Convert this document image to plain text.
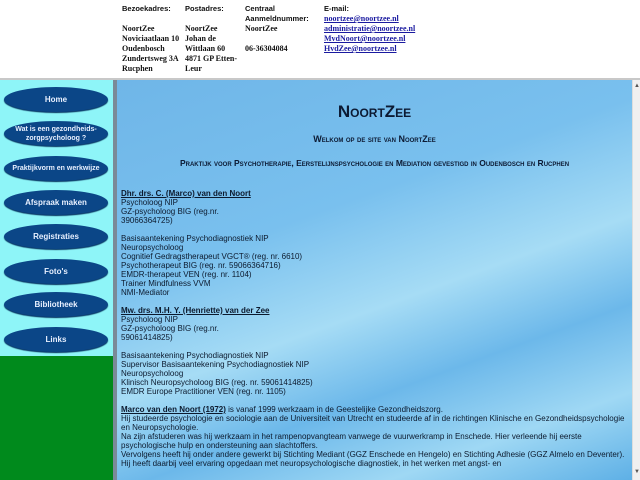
Bezoekadres:
NoortZee
Noviciaatlaan 10
Oudenbosch
Zundertsweg 3A
Rucphen
Postadres:
NoortZee
Johan de
Wittlaan 60
4871 GP Etten-
Leur
Centraal
Aanmeldnummer:
NoortZee
06-36304084
E-mail:
noortzee@noortzee.nl
administratie@noortzee.nl
MvdNoort@noortzee.nl
HvdZee@noortzee.nl
Home
Wat is een gezondheids-zorgpsycholoog ?
Praktijkvorm en werkwijze
Afspraak maken
Registraties
Foto's
Bibliotheek
Links
NoortZee
Welkom op de site van NoortZee
Praktijk voor Psychotherapie, Eerstelijnspsychologie en Mediation gevestigd in Oudenbosch en Rucphen

Dhr. drs. C. (Marco) van den Noort
Psycholoog NIP
GZ-psycholoog BIG (reg.nr.
39066364725)

Basisaantekening Psychodiagnostiek NIP
Neuropsycholoog
Cognitief Gedragstherapeut VGCT® (reg. nr. 6610)
Psychotherapeut BIG (reg. nr. 59066364716)
EMDR-therapeut VEN (reg. nr. 1104)
Trainer Mindfulness VVM
NMI-Mediator

Mw. drs. M.H. Y. (Henriette) van der Zee
Psycholoog NIP
GZ-psycholoog BIG (reg.nr.
59061414825)

Basisaantekening Psychodiagnostiek NIP
Supervisor Basisaantekening Psychodiagnostiek NIP
Neuropsycholoog
Klinisch Neuropsycholoog BIG (reg. nr. 59061414825)
EMDR Europe Practitioner VEN (reg. nr. 1105)

Marco van den Noort (1972) is vanaf 1999 werkzaam in de Geestelijke Gezondheidszorg.
Hij studeerde psychologie en sociologie aan de Universiteit van Utrecht en studeerde af in de richtingen Klinische en Gezondheidspsychologie en Neuropsychologie.
Na zijn afstuderen was hij werkzaam in het rampenopvangteam vanwege de vuurwerkramp in Enschede. Hier verleende hij eerste psychologische hulp en ondersteuning aan slachtoffers.
Vervolgens heeft hij onder andere gewerkt bij Stichting Mediant (GGZ Enschede en Hengelo) en Stichting Adhesie (GGZ Almelo en Deventer). Hij heeft daarbij veel ervaring opgedaan met neuropsychologische diagnostiek, in het werken met angst- en

▲
▼
